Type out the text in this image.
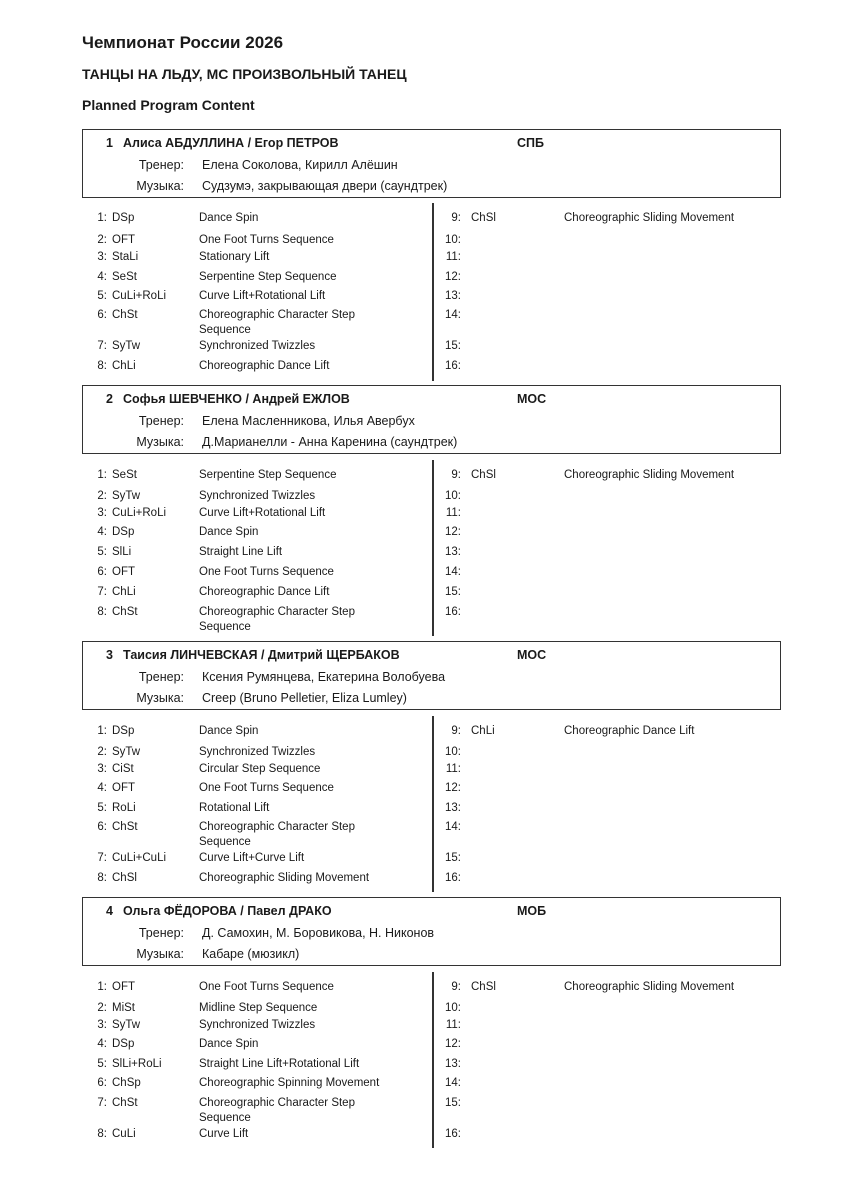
Чемпионат России 2026
ТАНЦЫ НА ЛЬДУ, МС ПРОИЗВОЛЬНЫЙ ТАНЕЦ
Planned Program Content
1 Алиса АБДУЛЛИНА / Егор ПЕТРОВ	СПБ
Тренер: Елена Соколова, Кирилл Алёшин
Музыка: Судзумэ, закрывающая двери (саундтрек)
1: DSp	Dance Spin
2: OFT	One Foot Turns Sequence
3: StaLi	Stationary Lift
4: SeSt	Serpentine Step Sequence
5: CuLi+RoLi	Curve Lift+Rotational Lift
6: ChSt	Choreographic Character Step Sequence
7: SyTw	Synchronized Twizzles
8: ChLi	Choreographic Dance Lift
9: ChSl	Choreographic Sliding Movement
10:
11:
12:
13:
14:
15:
16:
2 Софья ШЕВЧЕНКО / Андрей ЕЖЛОВ	МОС
Тренер: Елена Масленникова, Илья Авербух
Музыка: Д.Марианелли - Анна Каренина (саундтрек)
1: SeSt	Serpentine Step Sequence
2: SyTw	Synchronized Twizzles
3: CuLi+RoLi	Curve Lift+Rotational Lift
4: DSp	Dance Spin
5: SlLi	Straight Line Lift
6: OFT	One Foot Turns Sequence
7: ChLi	Choreographic Dance Lift
8: ChSt	Choreographic Character Step Sequence
9: ChSl	Choreographic Sliding Movement
10:
11:
12:
13:
14:
15:
16:
3 Таисия ЛИНЧЕВСКАЯ / Дмитрий ЩЕРБАКОВ	МОС
Тренер: Ксения Румянцева, Екатерина Волобуева
Музыка: Creep (Bruno Pelletier, Eliza Lumley)
1: DSp	Dance Spin
2: SyTw	Synchronized Twizzles
3: CiSt	Circular Step Sequence
4: OFT	One Foot Turns Sequence
5: RoLi	Rotational Lift
6: ChSt	Choreographic Character Step Sequence
7: CuLi+CuLi	Curve Lift+Curve Lift
8: ChSl	Choreographic Sliding Movement
9: ChLi	Choreographic Dance Lift
10:
11:
12:
13:
14:
15:
16:
4 Ольга ФЁДОРОВА / Павел ДРАКО	МОБ
Тренер: Д. Самохин, М. Боровикова, Н. Никонов
Музыка: Кабаре (мюзикл)
1: OFT	One Foot Turns Sequence
2: MiSt	Midline Step Sequence
3: SyTw	Synchronized Twizzles
4: DSp	Dance Spin
5: SlLi+RoLi	Straight Line Lift+Rotational Lift
6: ChSp	Choreographic Spinning Movement
7: ChSt	Choreographic Character Step Sequence
8: CuLi	Curve Lift
9: ChSl	Choreographic Sliding Movement
10:
11:
12:
13:
14:
15:
16:
